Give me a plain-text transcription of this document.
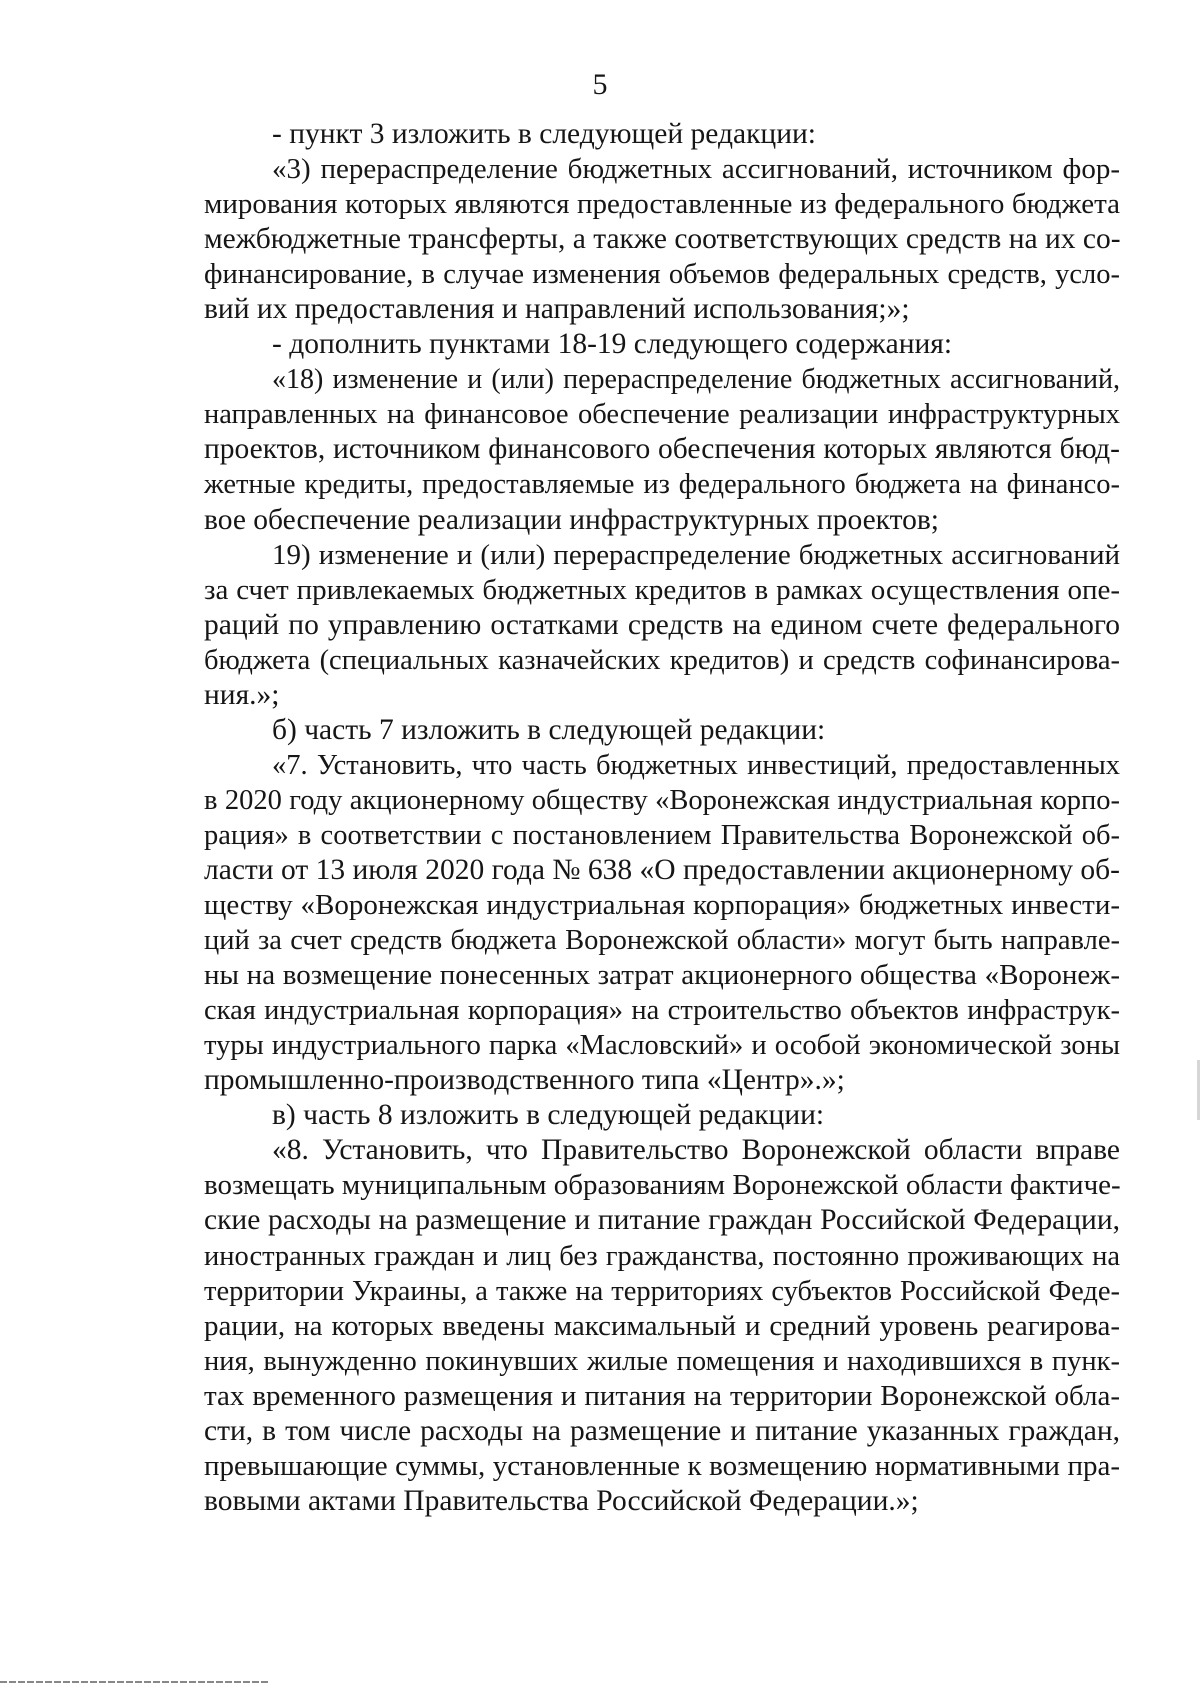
5
- пункт 3 изложить в следующей редакции:
«3) перераспределение бюджетных ассигнований, источником фор-
мирования которых являются предоставленные из федерального бюджета
межбюджетные трансферты, а также соответствующих средств на их со-
финансирование, в случае изменения объемов федеральных средств, усло-
вий их предоставления и направлений использования;»;
- дополнить пунктами 18-19 следующего содержания:
«18) изменение и (или) перераспределение бюджетных ассигнований,
направленных на финансовое обеспечение реализации инфраструктурных
проектов, источником финансового обеспечения которых являются бюд-
жетные кредиты, предоставляемые из федерального бюджета на финансо-
вое обеспечение реализации инфраструктурных проектов;
19) изменение и (или) перераспределение бюджетных ассигнований
за счет привлекаемых бюджетных кредитов в рамках осуществления опе-
раций по управлению остатками средств на едином счете федерального
бюджета (специальных казначейских кредитов) и средств софинансирова-
ния.»;
б) часть 7 изложить в следующей редакции:
«7. Установить, что часть бюджетных инвестиций, предоставленных
в 2020 году акционерному обществу «Воронежская индустриальная корпо-
рация» в соответствии с постановлением Правительства Воронежской об-
ласти от 13 июля 2020 года № 638 «О предоставлении акционерному об-
ществу «Воронежская индустриальная корпорация» бюджетных инвести-
ций за счет средств бюджета Воронежской области» могут быть направле-
ны на возмещение понесенных затрат акционерного общества «Воронеж-
ская индустриальная корпорация» на строительство объектов инфраструк-
туры индустриального парка «Масловский» и особой экономической зоны
промышленно-производственного типа «Центр».»;
в) часть 8 изложить в следующей редакции:
«8. Установить, что Правительство Воронежской области вправе
возмещать муниципальным образованиям Воронежской области фактиче-
ские расходы на размещение и питание граждан Российской Федерации,
иностранных граждан и лиц без гражданства, постоянно проживающих на
территории Украины, а также на территориях субъектов Российской Феде-
рации, на которых введены максимальный и средний уровень реагирова-
ния, вынужденно покинувших жилые помещения и находившихся в пунк-
тах временного размещения и питания на территории Воронежской обла-
сти, в том числе расходы на размещение и питание указанных граждан,
превышающие суммы, установленные к возмещению нормативными пра-
вовыми актами Правительства Российской Федерации.»;
